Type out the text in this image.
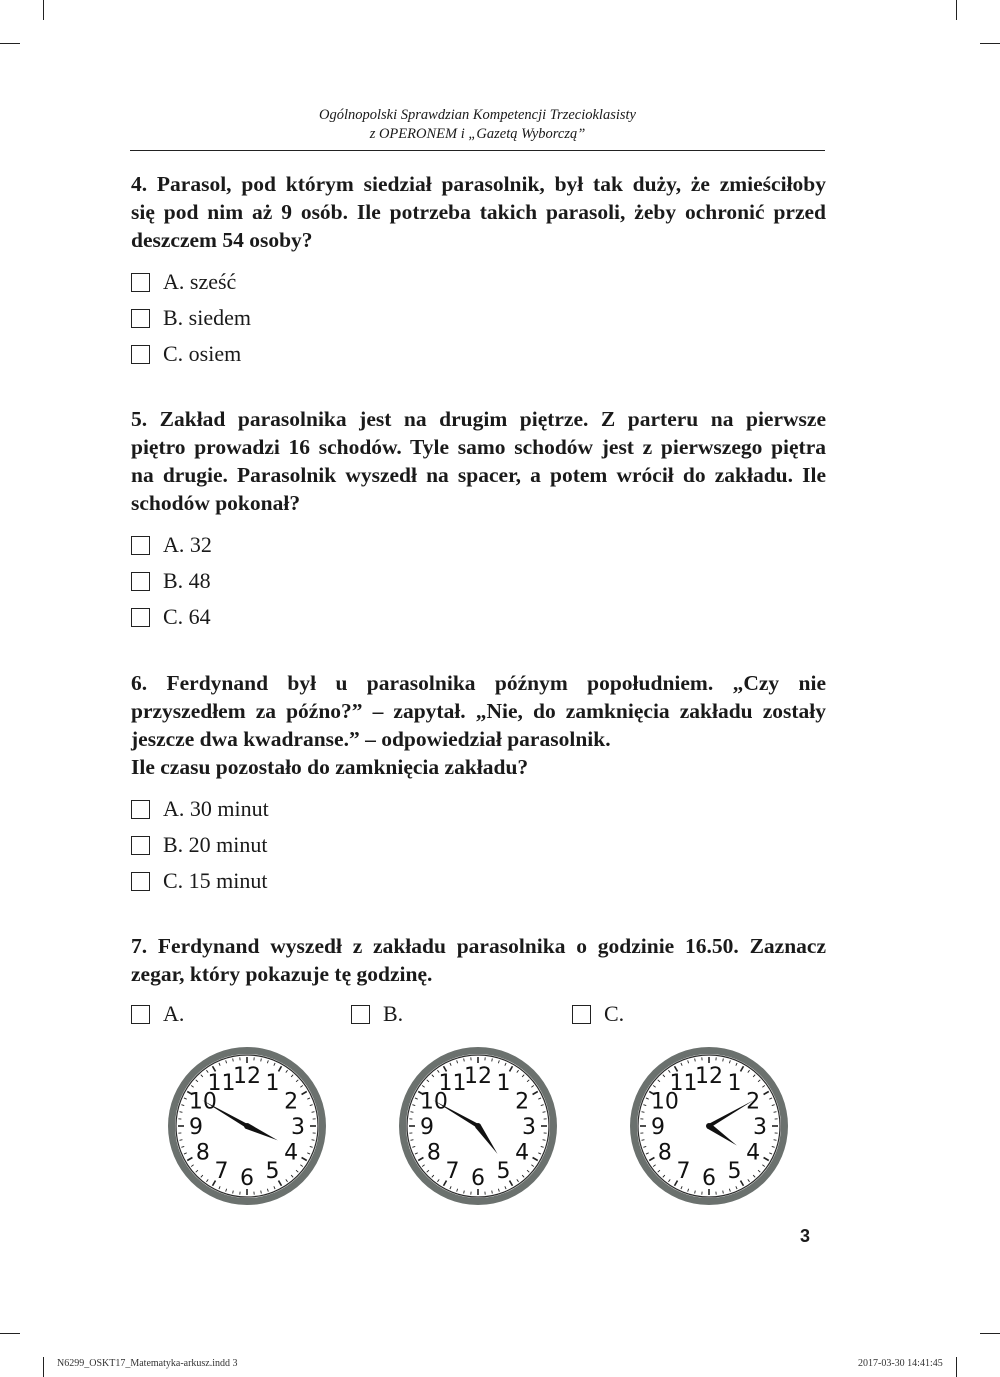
Ogólnopolski Sprawdzian Kompetencji Trzecioklasisty
z OPERONEM i „Gazetą Wyborczą”

4. Parasol, pod którym siedział parasolnik, był tak duży, że zmieściłoby
się pod nim aż 9 osób. Ile potrzeba takich parasoli, żeby ochronić przed
deszczem 54 osoby?

A. sześć
B. siedem
C. osiem

5. Zakład parasolnika jest na drugim piętrze. Z parteru na pierwsze
piętro prowadzi 16 schodów. Tyle samo schodów jest z pierwszego piętra
na drugie. Parasolnik wyszedł na spacer, a potem wrócił do zakładu. Ile
schodów pokonał?

A. 32
B. 48
C. 64

6. Ferdynand był u parasolnika późnym popołudniem. „Czy nie
przyszedłem za późno?” – zapytał. „Nie, do zamknięcia zakładu zostały
jeszcze dwa kwadranse.” – odpowiedział parasolnik.
Ile czasu pozostało do zamknięcia zakładu?

A. 30 minut
B. 20 minut
C. 15 minut

7. Ferdynand wyszedł z zakładu parasolnika o godzinie 16.50. Zaznacz
zegar, który pokazuje tę godzinę.

A.	B.	C.
12 1
2
3
4
5
6
7
8
9
10
11	12 1
2
3
4
5
6
7
8
9
10
11	12 1
2
3
4
5
6
7
8
9
10
11
3
N6299_OSKT17_Matematyka-arkusz.indd 3	2017-03-30 14:41:45
